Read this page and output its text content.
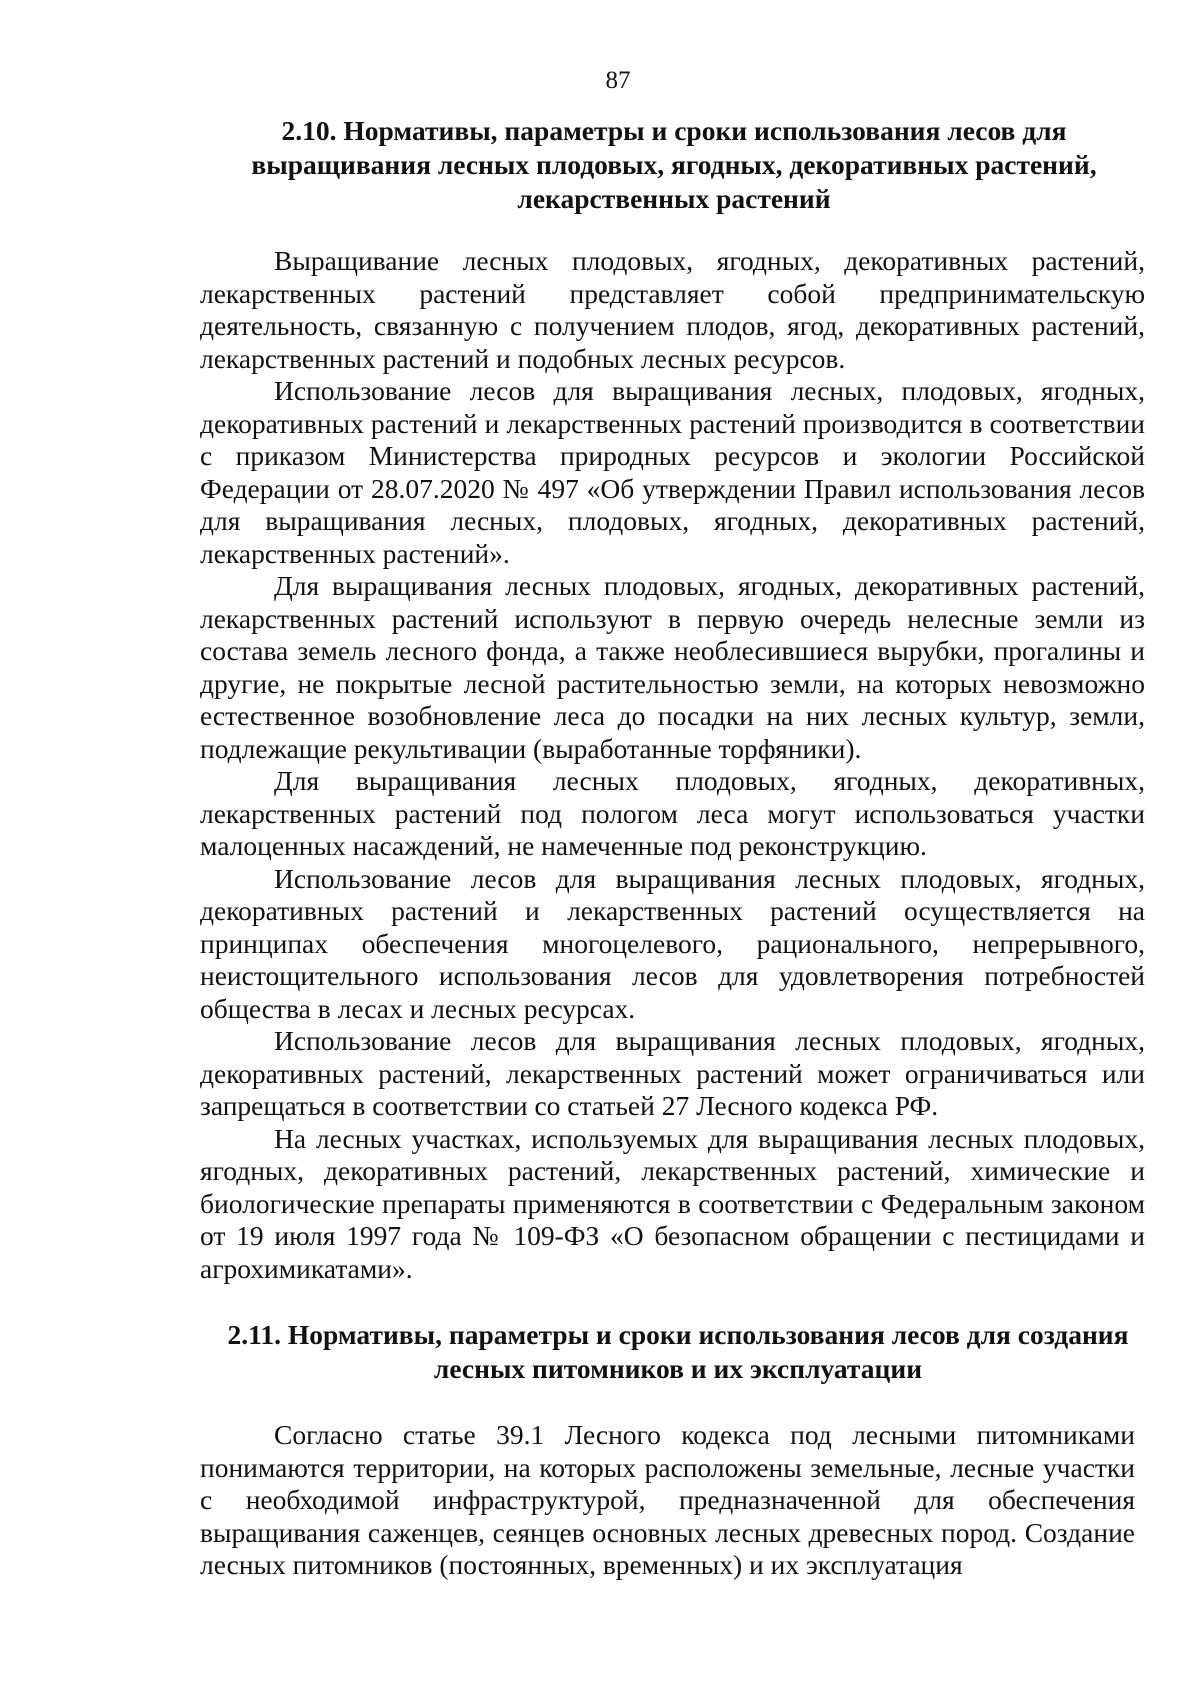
87
2.10. Нормативы, параметры и сроки использования лесов для
выращивания лесных плодовых, ягодных, декоративных растений,
лекарственных растений

Выращивание лесных плодовых, ягодных, декоративных растений, лекарственных растений представляет собой предпринимательскую деятельность, связанную с получением плодов, ягод, декоративных растений, лекарственных растений и подобных лесных ресурсов.

Использование лесов для выращивания лесных, плодовых, ягодных, декоративных растений и лекарственных растений производится в соответствии с приказом Министерства природных ресурсов и экологии Российской Федерации от 28.07.2020 № 497 «Об утверждении Правил использования лесов для выращивания лесных, плодовых, ягодных, декоративных растений, лекарственных растений».

Для выращивания лесных плодовых, ягодных, декоративных растений, лекарственных растений используют в первую очередь нелесные земли из состава земель лесного фонда, а также необлесившиеся вырубки, прогалины и другие, не покрытые лесной растительностью земли, на которых невозможно естественное возобновление леса до посадки на них лесных культур, земли, подлежащие рекультивации (выработанные торфяники).

Для выращивания лесных плодовых, ягодных, декоративных, лекарственных растений под пологом леса могут использоваться участки малоценных насаждений, не намеченные под реконструкцию.

Использование лесов для выращивания лесных плодовых, ягодных, декоративных растений и лекарственных растений осуществляется на принципах обеспечения многоцелевого, рационального, непрерывного, неистощительного использования лесов для удовлетворения потребностей общества в лесах и лесных ресурсах.

Использование лесов для выращивания лесных плодовых, ягодных, декоративных растений, лекарственных растений может ограничиваться или запрещаться в соответствии со статьей 27 Лесного кодекса РФ.

На лесных участках, используемых для выращивания лесных плодовых, ягодных, декоративных растений, лекарственных растений, химические и биологические препараты применяются в соответствии с Федеральным законом от 19 июля 1997 года № 109-ФЗ «О безопасном обращении с пестицидами и агрохимикатами».

2.11. Нормативы, параметры и сроки использования лесов для создания
лесных питомников и их эксплуатации

Согласно статье 39.1 Лесного кодекса под лесными питомниками понимаются территории, на которых расположены земельные, лесные участки с необходимой инфраструктурой, предназначенной для обеспечения выращивания саженцев, сеянцев основных лесных древесных пород. Создание лесных питомников (постоянных, временных) и их эксплуатация
